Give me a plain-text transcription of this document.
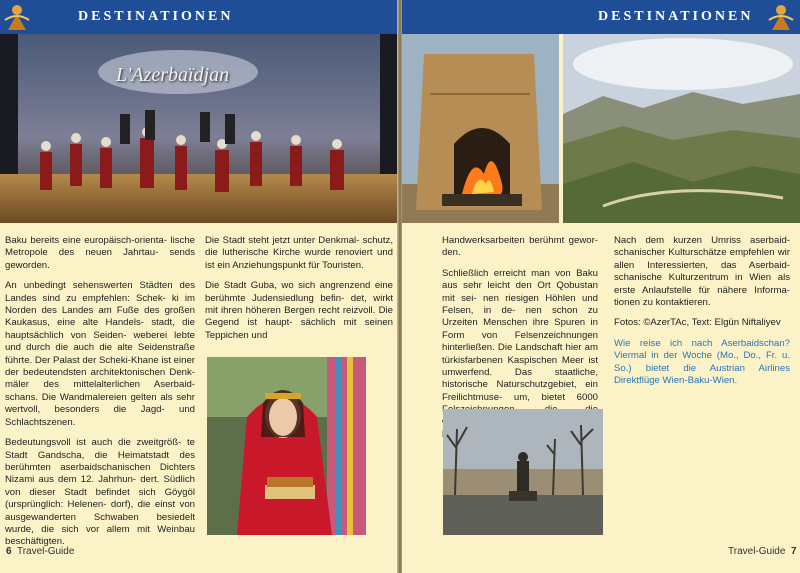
DESTINATIONEN
L'Azerbaïdjan

Baku bereits eine europäisch-orienta- lische Metropole des neuen Jahrtau- sends geworden.

An unbedingt sehenswerten Städten des Landes sind zu empfehlen: Schek- ki im Norden des Landes am Fuße des großen Kaukasus, eine alte Handels- stadt, die hauptsächlich von Seiden- weberei lebte und durch die auch die alte Seidenstraße führte. Der Palast der Scheki-Khane ist einer der bedeutendsten architektonischen Denk- mäler des mittelalterlichen Aserbaid- schans. Die Wandmalereien gelten als sehr wertvoll, besonders die Jagd- und Schlachtszenen.

Bedeutungsvoll ist auch die zweitgröß- te Stadt Gandscha, die Heimatstadt des berühmten aserbaidschanischen Dichters Nizami aus dem 12. Jahrhun- dert. Südlich von dieser Stadt befindet sich Göygöl (ursprünglich: Helenen- dorf), die einst von ausgewanderten Schwaben besiedelt wurde, die sich vor allem mit Weinbau beschäftigten.

Die Stadt steht jetzt unter Denkmal- schutz, die lutherische Kirche wurde renoviert und ist ein Anziehungspunkt für Touristen.

Die Stadt Guba, wo sich angrenzend eine berühmte Judensiedlung befin- det, wirkt mit ihren höheren Bergen recht reizvoll. Die Gegend ist haupt- sächlich mit seinen Teppichen und

6 Travel-Guide
DESTINATIONEN

Handwerksarbeiten berühmt gewor- den.

Schließlich erreicht man von Baku aus sehr leicht den Ort Qobustan mit sei- nen riesigen Höhlen und Felsen, in de- nen schon zu Urzeiten Menschen ihre Spuren in Form von Felsenzeichnungen hinterließen. Die Landschaft hier am türkisfarbenen Kaspischen Meer ist umwerfend. Das staatliche, historische Naturschutzgebiet, ein Freilichtmuse- um, bietet 6000

Nach dem kurzen Umriss aserbaid- schanischer Kulturschätze empfehlen wir allen Interessierten, das Aserbaid- schanische Kulturzentrum in Wien als erste Anlaufstelle für nähere Informa- tionen zu kontaktieren.

Fotos: ©AzerTAc, Text: Elgün Niftaliyev

Wie reise ich nach Aserbaidschan? Viermal in der Woche (Mo., Do., Fr. u. So.) bietet die Austrian Airlines Direktflüge Wien-Baku-Wien.

Travel-Guide 7
